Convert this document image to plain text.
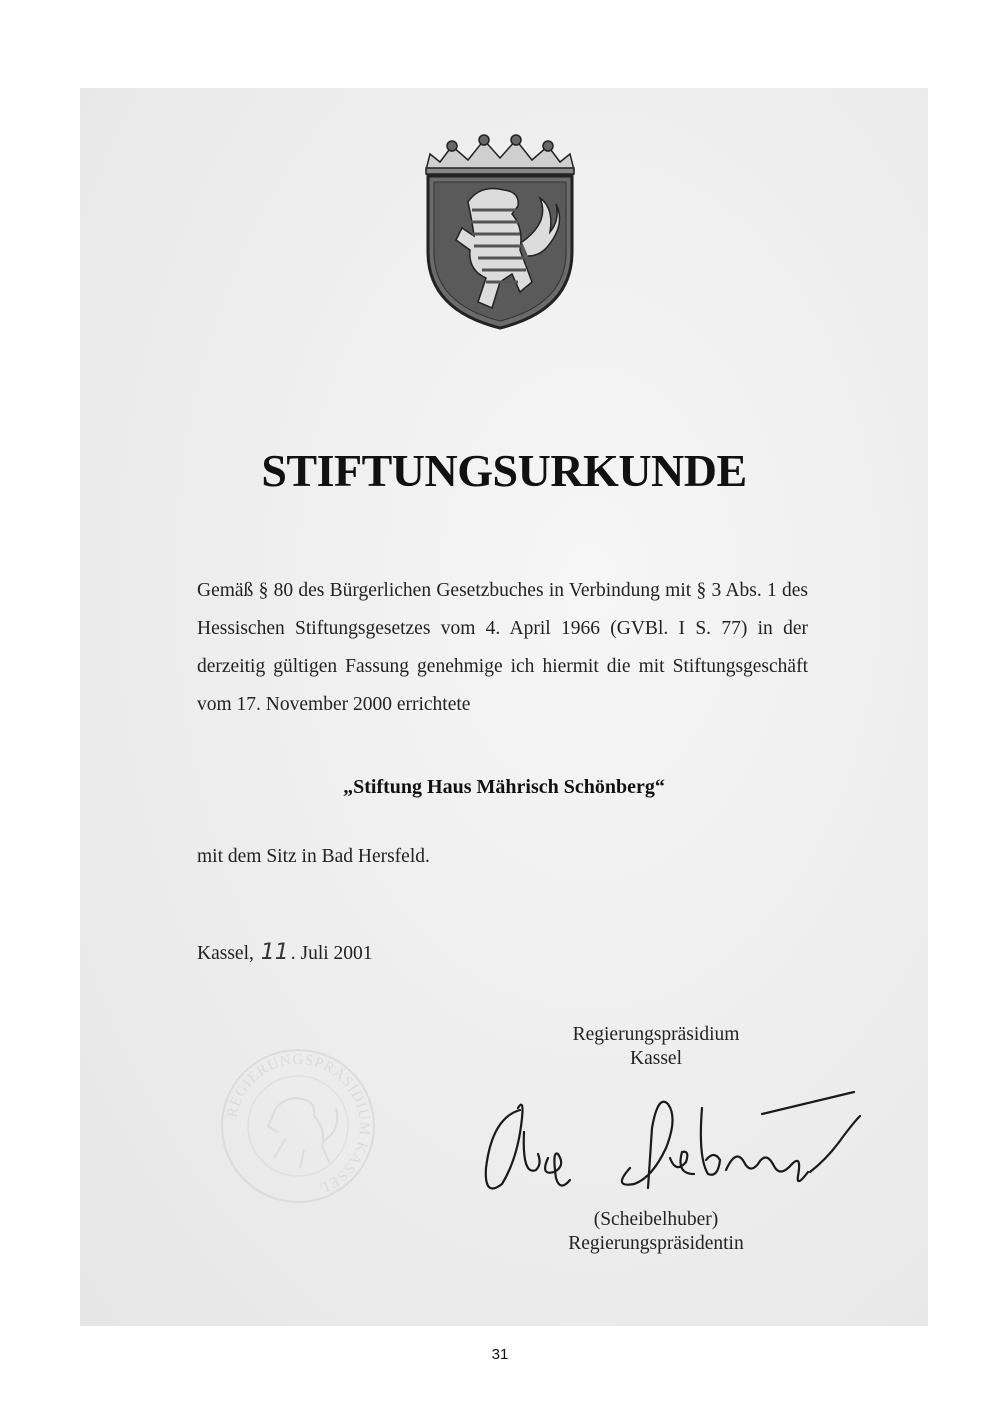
STIFTUNGSURKUNDE
Gemäß § 80 des Bürgerlichen Gesetzbuches in Verbindung mit § 3 Abs. 1 des Hessischen Stiftungsgesetzes vom 4. April 1966 (GVBl. I S. 77) in der derzeitig gültigen Fassung genehmige ich hiermit die mit Stiftungsgeschäft vom 17. November 2000 errichtete
„Stiftung Haus Mährisch Schönberg“
mit dem Sitz in Bad Hersfeld.
Kassel, 11 . Juli 2001
Regierungspräsidium
Kassel
(Scheibelhuber)
Regierungspräsidentin
REGIERUNGSPRÄSIDIUM KASSEL
31
